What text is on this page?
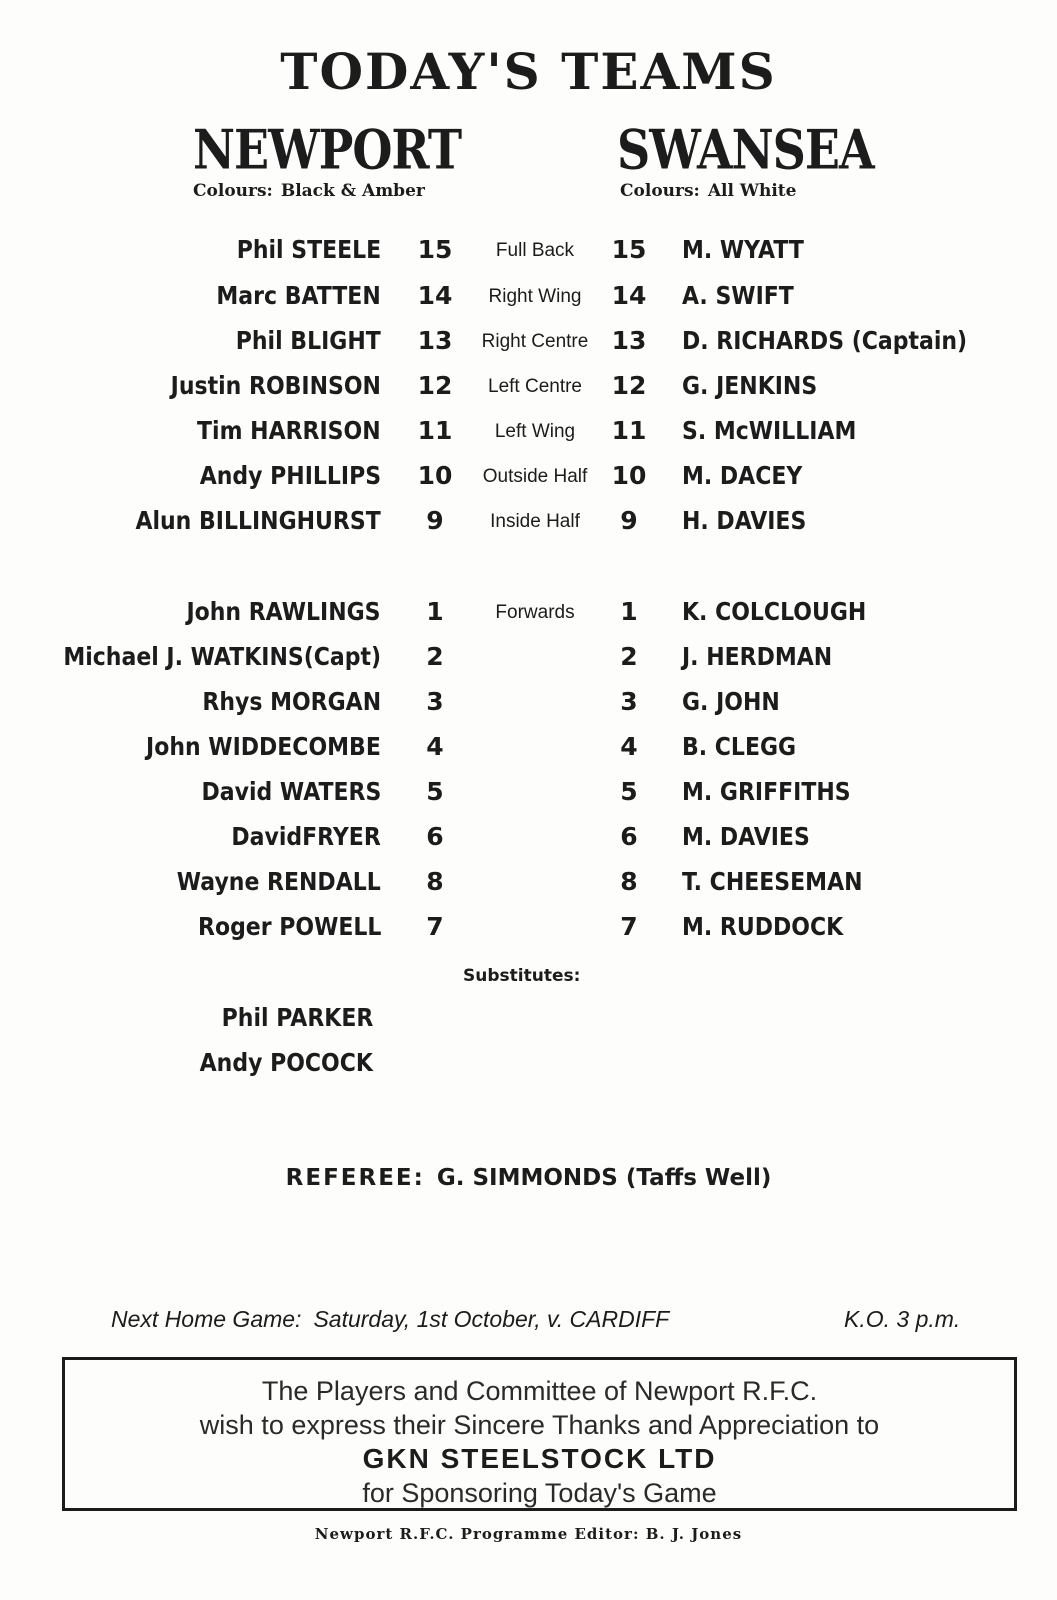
TODAY'S TEAMS
NEWPORT	SWANSEA
Colours: Black & Amber	Colours: All White
Phil STEELE	15	Full Back	15	M. WYATT
Marc BATTEN	14	Right Wing	14	A. SWIFT
Phil BLIGHT	13	Right Centre 13	D. RICHARDS (Captain)
Justin ROBINSON	12	Left Centre	12	G. JENKINS
Tim HARRISON	11	Left Wing	11	S. McWILLIAM
Andy PHILLIPS	10	Outside Half 10	M. DACEY
Alun BILLINGHURST	9	Inside Half	9	H. DAVIES
John RAWLINGS	1	Forwards	1	K. COLCLOUGH
Michael J. WATKINS(Capt)	2	2	J. HERDMAN
Rhys MORGAN	3	3	G. JOHN
John WIDDECOMBE	4	4	B. CLEGG
David WATERS	5	5	M. GRIFFITHS
DavidFRYER	6	6	M. DAVIES
Wayne RENDALL	8	8	T. CHEESEMAN
Roger POWELL	7	7	M. RUDDOCK
Substitutes:
Phil PARKER
Andy POCOCK
REFEREE: G. SIMMONDS (Taffs Well)
Next Home Game: Saturday, 1st October, v. CARDIFF	K.O. 3 p.m.
The Players and Committee of Newport R.F.C.
wish to express their Sincere Thanks and Appreciation to
GKN STEELSTOCK LTD
for Sponsoring Today's Game
Newport R.F.C. Programme Editor: B. J. Jones
